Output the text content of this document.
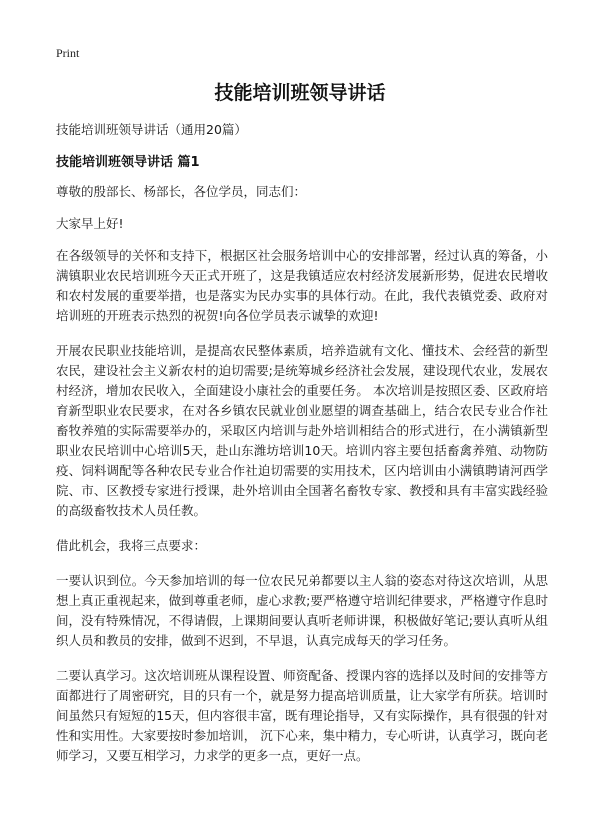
Print
技能培训班领导讲话

技能培训班领导讲话（通用20篇）

技能培训班领导讲话 篇1

尊敬的殷部长、杨部长，各位学员，同志们：

大家早上好!

在各级领导的关怀和支持下，根据区社会服务培训中心的安排部署，经过认真的筹备，小满镇职业农民培训班今天正式开班了，这是我镇适应农村经济发展新形势，促进农民增收和农村发展的重要举措，也是落实为民办实事的具体行动。在此，我代表镇党委、政府对培训班的开班表示热烈的祝贺!向各位学员表示诚挚的欢迎!

开展农民职业技能培训，是提高农民整体素质，培养造就有文化、懂技术、会经营的新型农民，建设社会主义新农村的迫切需要;是统筹城乡经济社会发展，建设现代农业，发展农村经济，增加农民收入，全面建设小康社会的重要任务。 本次培训是按照区委、区政府培育新型职业农民要求，在对各乡镇农民就业创业愿望的调查基础上，结合农民专业合作社畜牧养殖的实际需要举办的，采取区内培训与赴外培训相结合的形式进行，在小满镇新型职业农民培训中心培训5天，赴山东潍坊培训10天。培训内容主要包括畜禽养殖、动物防疫、饲料调配等各种农民专业合作社迫切需要的实用技术，区内培训由小满镇聘请河西学院、市、区教授专家进行授课，赴外培训由全国著名畜牧专家、教授和具有丰富实践经验的高级畜牧技术人员任教。

借此机会，我将三点要求：

一要认识到位。今天参加培训的每一位农民兄弟都要以主人翁的姿态对待这次培训，从思想上真正重视起来，做到尊重老师，虚心求教;要严格遵守培训纪律要求，严格遵守作息时间，没有特殊情况，不得请假，上课期间要认真听老师讲课，积极做好笔记;要认真听从组织人员和教员的安排，做到不迟到，不早退，认真完成每天的学习任务。

二要认真学习。这次培训班从课程设置、师资配备、授课内容的选择以及时间的安排等方面都进行了周密研究，目的只有一个，就是努力提高培训质量，让大家学有所获。培训时间虽然只有短短的15天，但内容很丰富，既有理论指导，又有实际操作，具有很强的针对性和实用性。大家要按时参加培训， 沉下心来，集中精力，专心听讲，认真学习，既向老师学习，又要互相学习，力求学的更多一点，更好一点。
